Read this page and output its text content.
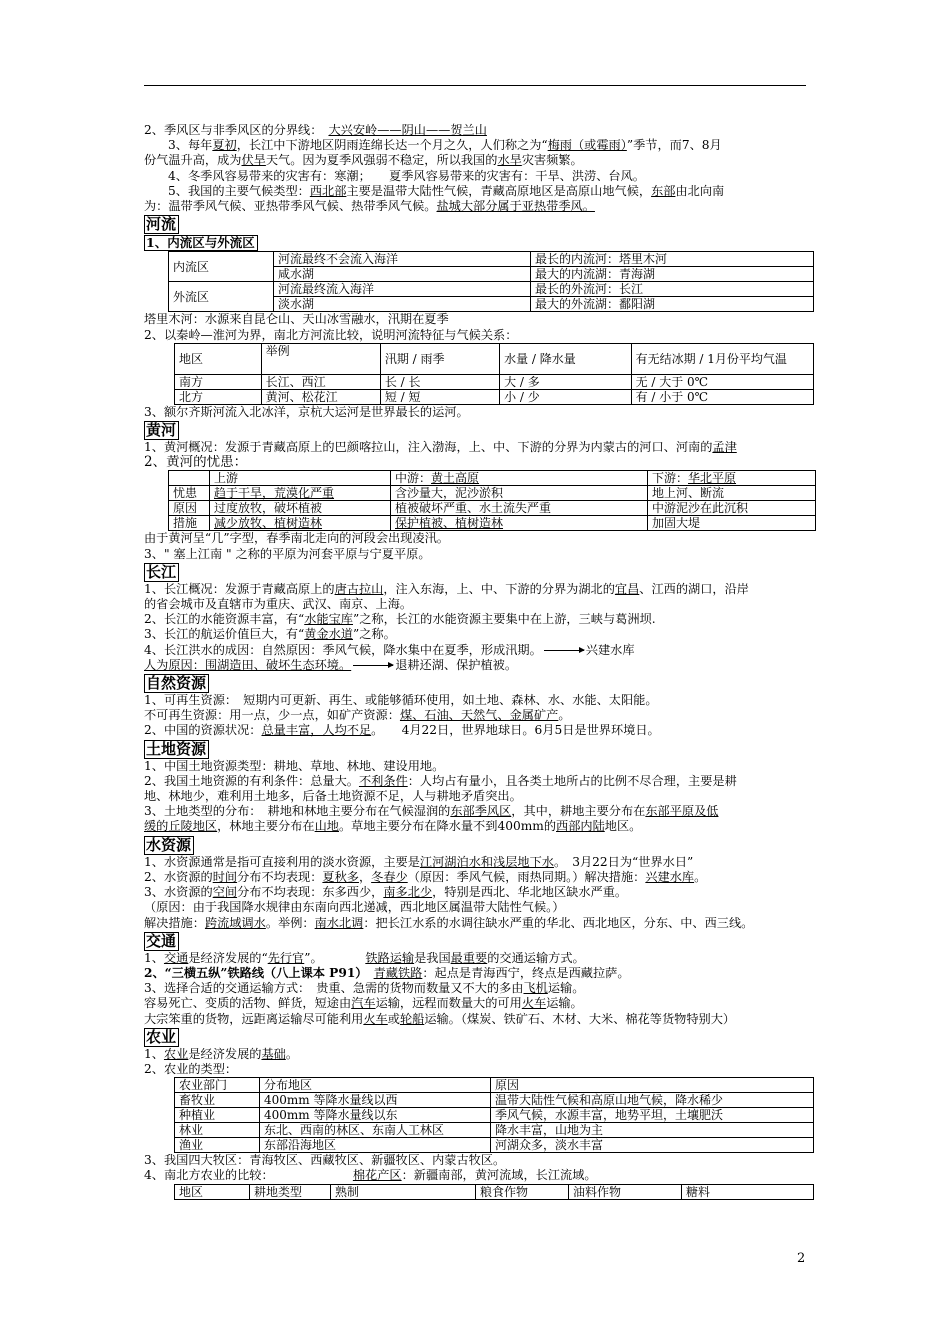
2、季风区与非季风区的分界线：　 大兴安岭——阴山——贺兰山

3、每年夏初，长江中下游地区阴雨连绵长达一个月之久，人们称之为“梅雨（或霉雨）”季节，而7、8月

份气温升高，成为伏旱天气。因为夏季风强弱不稳定，所以我国的水旱灾害频繁。

4、冬季风容易带来的灾害有：寒潮；　　夏季风容易带来的灾害有：干旱、洪涝、台风。

5、我国的主要气候类型：西北部主要是温带大陆性气候，青藏高原地区是高原山地气候，东部由北向南

为：温带季风气候、亚热带季风气候、热带季风气候。盐城大部分属于亚热带季风。

河流
1、内流区与外流区
内流区	河流最终不会流入海洋	最长的内流河：塔里木河
	咸水湖	最大的内流湖：青海湖
外流区	河流最终流入海洋	最长的外流河：长江
	淡水湖	最大的外流湖：鄱阳湖

塔里木河：水源来自昆仑山、天山冰雪融水，汛期在夏季

2、以秦岭—淮河为界，南北方河流比较，说明河流特征与气候关系：

地区	举例	汛期 / 雨季	水量 / 降水量	有无结冰期 / 1月份平均气温
南方	长江、西江	长 / 长	大 / 多	无 / 大于 0℃
北方	黄河、松花江	短 / 短	小 / 少	有 / 小于 0℃

3、额尔齐斯河流入北冰洋，京杭大运河是世界最长的运河。

黄河

1、黄河概况：发源于青藏高原上的巴颜喀拉山，注入渤海，上、中、下游的分界为内蒙古的河口、河南的孟津

2、黄河的忧患：

	上游	中游：黄土高原	下游：华北平原
忧患	趋于干旱，荒漠化严重	含沙量大，泥沙淤积	地上河、断流
原因	过度放牧，破坏植被	植被破坏严重、水土流失严重	中游泥沙在此沉积
措施	减少放牧、植树造林	保护植被、植树造林	加固大堤

由于黄河呈“几”字型，春季南北走向的河段会出现凌汛。

3、" 塞上江南 " 之称的平原为河套平原与宁夏平原。

长江

1、长江概况：发源于青藏高原上的唐古拉山，注入东海，上、中、下游的分界为湖北的宜昌、江西的湖口，沿岸

的省会城市及直辖市为重庆、武汉、南京、上海。

2、长江的水能资源丰富，有“水能宝库”之称，长江的水能资源主要集中在上游，三峡与葛洲坝.

3、长江的航运价值巨大，有“黄金水道”之称。

4、长江洪水的成因：自然原因：季风气候，降水集中在夏季，形成汛期。	兴建水库

人为原因：围湖造田、破坏生态环境。	退耕还湖、保护植被。

自然资源

1、可再生资源：　短期内可更新、再生、或能够循环使用，如土地、森林、水、水能、太阳能。

不可再生资源：用一点，少一点，如矿产资源：煤、石油、天然气、金属矿产。

2、中国的资源状况：总量丰富，人均不足。　　4月22日，世界地球日。6月5日是世界环境日。

土地资源

1、中国土地资源类型：耕地、草地、林地、建设用地。

2、我国土地资源的有利条件：总量大。不利条件：人均占有量小，且各类土地所占的比例不尽合理，主要是耕

地、林地少，难利用土地多，后备土地资源不足，人与耕地矛盾突出。

3、土地类型的分布：　耕地和林地主要分布在气候湿润的东部季风区，其中，耕地主要分布在东部平原及低

缓的丘陵地区，林地主要分布在山地。草地主要分布在降水量不到400mm的西部内陆地区。

水资源

1、水资源通常是指可直接利用的淡水资源，主要是江河湖泊水和浅层地下水。　3月22日为“世界水日”

2、水资源的时间分布不均表现：夏秋多，冬春少（原因：季风气候，雨热同期。）解决措施：兴建水库。

3、水资源的空间分布不均表现：东多西少，南多北少，特别是西北、华北地区缺水严重。

（原因：由于我国降水规律由东南向西北递减，西北地区属温带大陆性气候。）

解决措施：跨流域调水。举例：南水北调：把长江水系的水调往缺水严重的华北、西北地区，分东、中、西三线。

交通

1、交通是经济发展的“先行官”。　　　　铁路运输是我国最重要的交通运输方式。

2、“三横五纵”铁路线（八上课本 P91）　 青藏铁路：起点是青海西宁，终点是西藏拉萨。

3、选择合适的交通运输方式：　贵重、急需的货物而数量又不大的多由飞机运输。

容易死亡、变质的活物、鲜货，短途由汽车运输，远程而数量大的可用火车运输。

大宗笨重的货物，远距离运输尽可能利用火车或轮船运输。（煤炭、铁矿石、木材、大米、棉花等货物特别大）

农业

1、农业是经济发展的基础。

2、农业的类型：

农业部门	分布地区	原因
畜牧业	400mm 等降水量线以西	温带大陆性气候和高原山地气候，降水稀少
种植业	400mm 等降水量线以东	季风气候，水源丰富，地势平坦，土壤肥沃
林业	东北、西南的林区、东南人工林区	降水丰富，山地为主
渔业	东部沿海地区	河湖众多，淡水丰富

3、我国四大牧区：青海牧区、西藏牧区、新疆牧区、内蒙古牧区。

4、南北方农业的比较：　　　　　　　	棉花产区：新疆南部，黄河流域，长江流域。

地区	耕地类型	熟制	粮食作物	油料作物	糖料
2
